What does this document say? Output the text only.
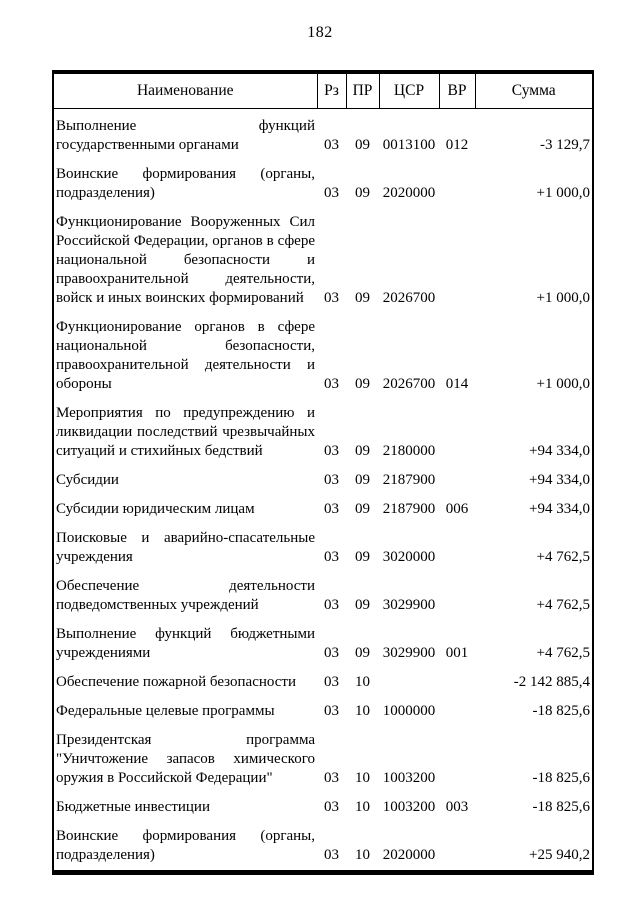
182
Наименование	Рз	ПР	ЦСР	ВР	Сумма
Выполнение функций государственными органами	03	09	0013100	012	-3 129,7
Воинские формирования (органы, подразделения)	03	09	2020000		+1 000,0
Функционирование Вооруженных Сил Российской Федерации, органов в сфере национальной безопасности и правоохранительной деятельности, войск и иных воинских формирований	03	09	2026700		+1 000,0
Функционирование органов в сфере национальной безопасности, правоохранительной деятельности и обороны	03	09	2026700	014	+1 000,0
Мероприятия по предупреждению и ликвидации последствий чрезвычайных ситуаций и стихийных бедствий	03	09	2180000		+94 334,0
Субсидии	03	09	2187900		+94 334,0
Субсидии юридическим лицам	03	09	2187900	006	+94 334,0
Поисковые и аварийно-спасательные учреждения	03	09	3020000		+4 762,5
Обеспечение деятельности подведомственных учреждений	03	09	3029900		+4 762,5
Выполнение функций бюджетными учреждениями	03	09	3029900	001	+4 762,5
Обеспечение пожарной безопасности	03	10			-2 142 885,4
Федеральные целевые программы	03	10	1000000		-18 825,6
Президентская программа "Уничтожение запасов химического оружия в Российской Федерации"	03	10	1003200		-18 825,6
Бюджетные инвестиции	03	10	1003200	003	-18 825,6
Воинские формирования (органы, подразделения)	03	10	2020000		+25 940,2
